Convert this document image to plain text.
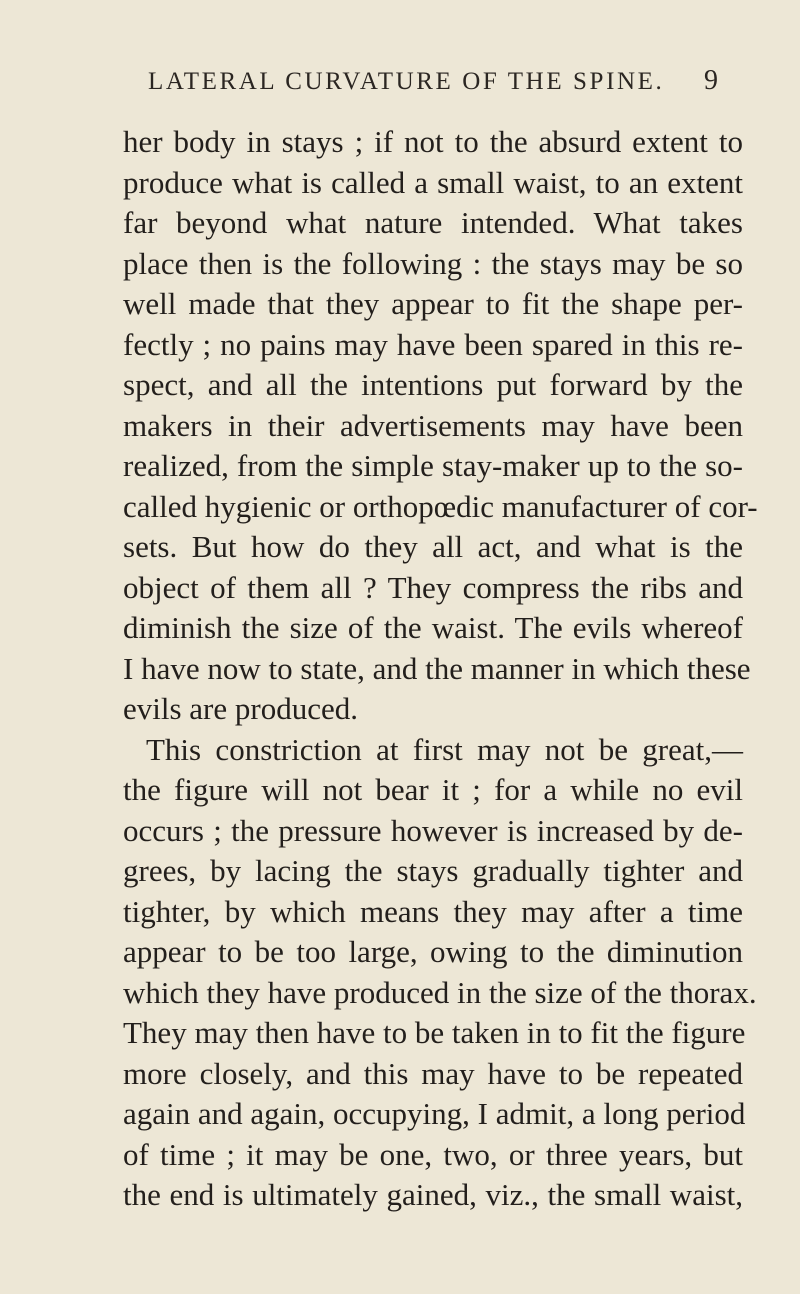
LATERAL CURVATURE OF THE SPINE. 9
her body in stays ; if not to the absurd extent to
produce what is called a small waist, to an extent
far beyond what nature intended. What takes
place then is the following : the stays may be so
well made that they appear to fit the shape per-
fectly ; no pains may have been spared in this re-
spect, and all the intentions put forward by the
makers in their advertisements may have been
realized, from the simple stay-maker up to the so-
called hygienic or orthopœdic manufacturer of cor-
sets. But how do they all act, and what is the
object of them all ? They compress the ribs and
diminish the size of the waist. The evils whereof
I have now to state, and the manner in which these
evils are produced.
This constriction at first may not be great,—
the figure will not bear it ; for a while no evil
occurs ; the pressure however is increased by de-
grees, by lacing the stays gradually tighter and
tighter, by which means they may after a time
appear to be too large, owing to the diminution
which they have produced in the size of the thorax.
They may then have to be taken in to fit the figure
more closely, and this may have to be repeated
again and again, occupying, I admit, a long period
of time ; it may be one, two, or three years, but
the end is ultimately gained, viz., the small waist,
